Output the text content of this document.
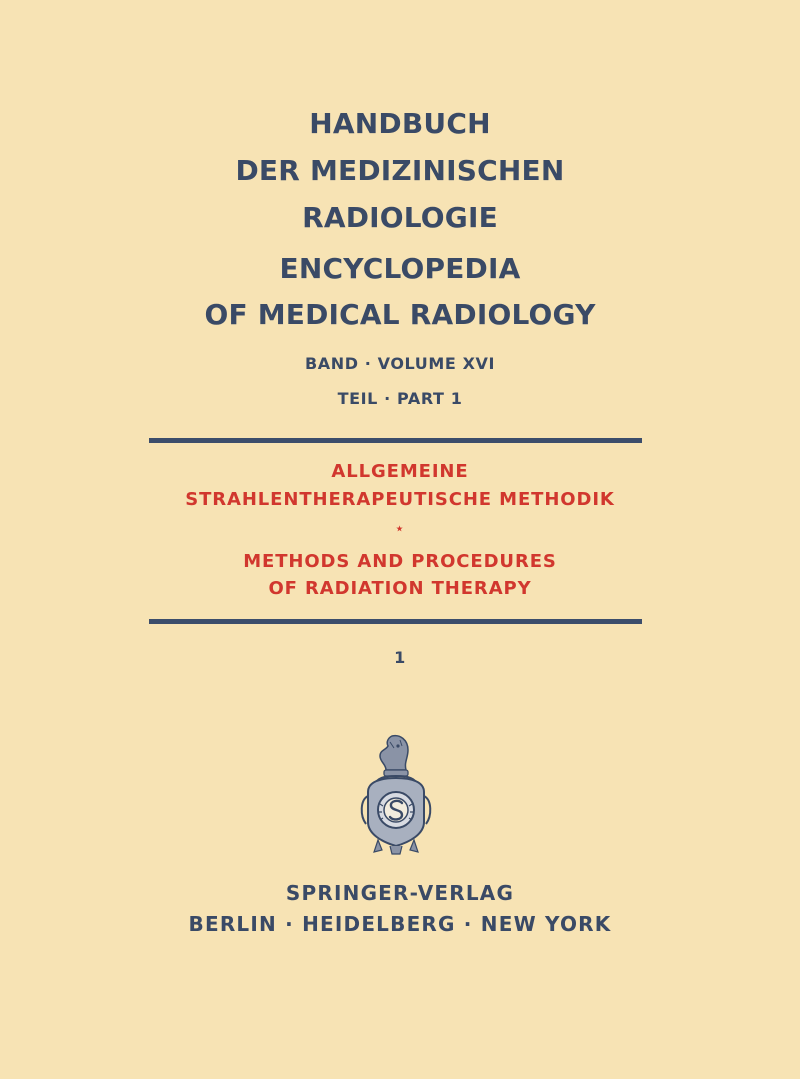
HANDBUCH
DER MEDIZINISCHEN
RADIOLOGIE
ENCYCLOPEDIA
OF MEDICAL RADIOLOGY
BAND · VOLUME XVI
TEIL · PART 1
ALLGEMEINE
STRAHLENTHERAPEUTISCHE METHODIK
⋆
METHODS AND PROCEDURES
OF RADIATION THERAPY
1
SPRINGER-VERLAG
BERLIN · HEIDELBERG · NEW YORK
